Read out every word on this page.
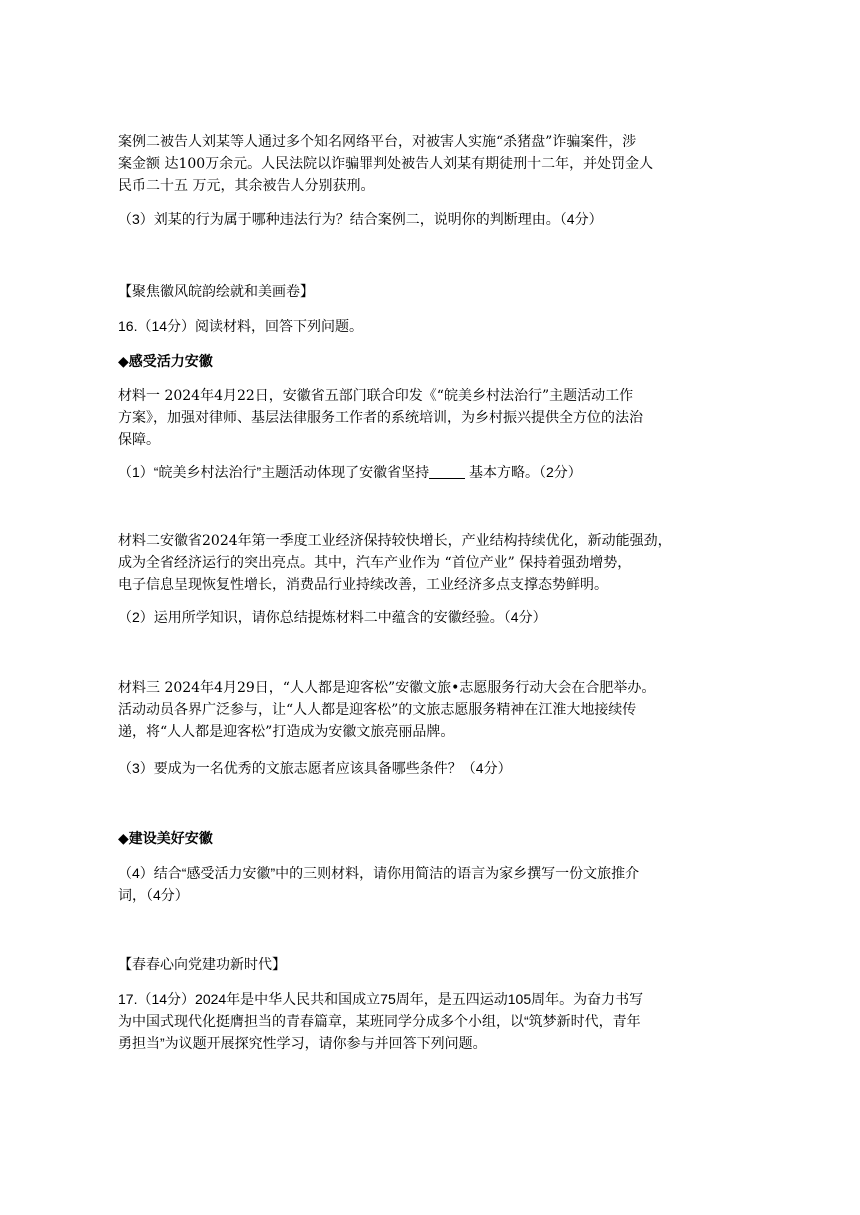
案例二被告人刘某等人通过多个知名网络平台，对被害人实施“杀猪盘”诈骗案件，涉
案金额 达100万余元。人民法院以诈骗罪判处被告人刘某有期徒刑十二年，并处罚金人
民币二十五 万元，其余被告人分别获刑。
（3）刘某的行为属于哪种违法行为？结合案例二，说明你的判断理由。（4分）
【聚焦徽风皖韵绘就和美画卷】
16.（14分）阅读材料，回答下列问题。
◆感受活力安徽
材料一 2024年4月22日，安徽省五部门联合印发《“皖美乡村法治行”主题活动工作
方案》，加强对律师、基层法律服务工作者的系统培训，为乡村振兴提供全方位的法治
保障。
（1）“皖美乡村法治行”主题活动体现了安徽省坚持	基本方略。（2分）
材料二安徽省2024年第一季度工业经济保持较快增长，产业结构持续优化，新动能强劲，
成为全省经济运行的突出亮点。其中，汽车产业作为 “首位产业” 保持着强劲增势，
电子信息呈现恢复性增长，消费品行业持续改善，工业经济多点支撑态势鲜明。
（2）运用所学知识，请你总结提炼材料二中蕴含的安徽经验。（4分）
材料三 2024年4月29日，“人人都是迎客松”安徽文旅•志愿服务行动大会在合肥举办。
活动动员各界广泛参与，让“人人都是迎客松”的文旅志愿服务精神在江淮大地接续传
递，将“人人都是迎客松”打造成为安徽文旅亮丽品牌。
（3）要成为一名优秀的文旅志愿者应该具备哪些条件？（4分）
◆建设美好安徽
（4）结合“感受活力安徽”中的三则材料，请你用简洁的语言为家乡撰写一份文旅推介
词，（4分）
【春春心向党建功新时代】
17.（14分）2024年是中华人民共和国成立75周年，是五四运动105周年。为奋力书写
为中国式现代化挺膺担当的青春篇章，某班同学分成多个小组，以“筑梦新时代，青年
勇担当”为议题开展探究性学习，请你参与并回答下列问题。
